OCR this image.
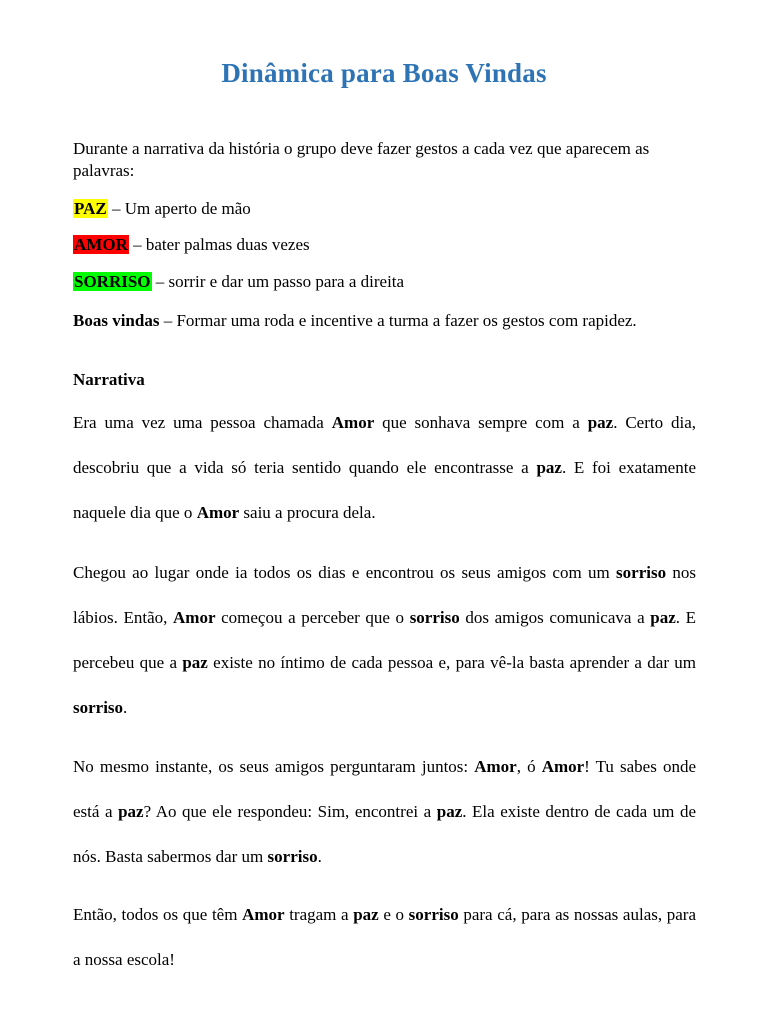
Dinâmica para Boas Vindas
Durante a narrativa da história o grupo deve fazer gestos a cada vez que aparecem as palavras:
PAZ – Um aperto de mão
AMOR – bater palmas duas vezes
SORRISO – sorrir e dar um passo para a direita
Boas vindas – Formar uma roda e incentive a turma a fazer os gestos com rapidez.
Narrativa

Era uma vez uma pessoa chamada Amor que sonhava sempre com a paz. Certo dia, descobriu que a vida só teria sentido quando ele encontrasse a paz. E foi exatamente naquele dia que o Amor saiu a procura dela.

Chegou ao lugar onde ia todos os dias e encontrou os seus amigos com um sorriso nos lábios. Então, Amor começou a perceber que o sorriso dos amigos comunicava a paz. E percebeu que a paz existe no íntimo de cada pessoa e, para vê-la basta aprender a dar um sorriso.

No mesmo instante, os seus amigos perguntaram juntos: Amor, ó Amor! Tu sabes onde está a paz? Ao que ele respondeu: Sim, encontrei a paz. Ela existe dentro de cada um de nós. Basta sabermos dar um sorriso.

Então, todos os que têm Amor tragam a paz e o sorriso para cá, para as nossas aulas, para a nossa escola!
